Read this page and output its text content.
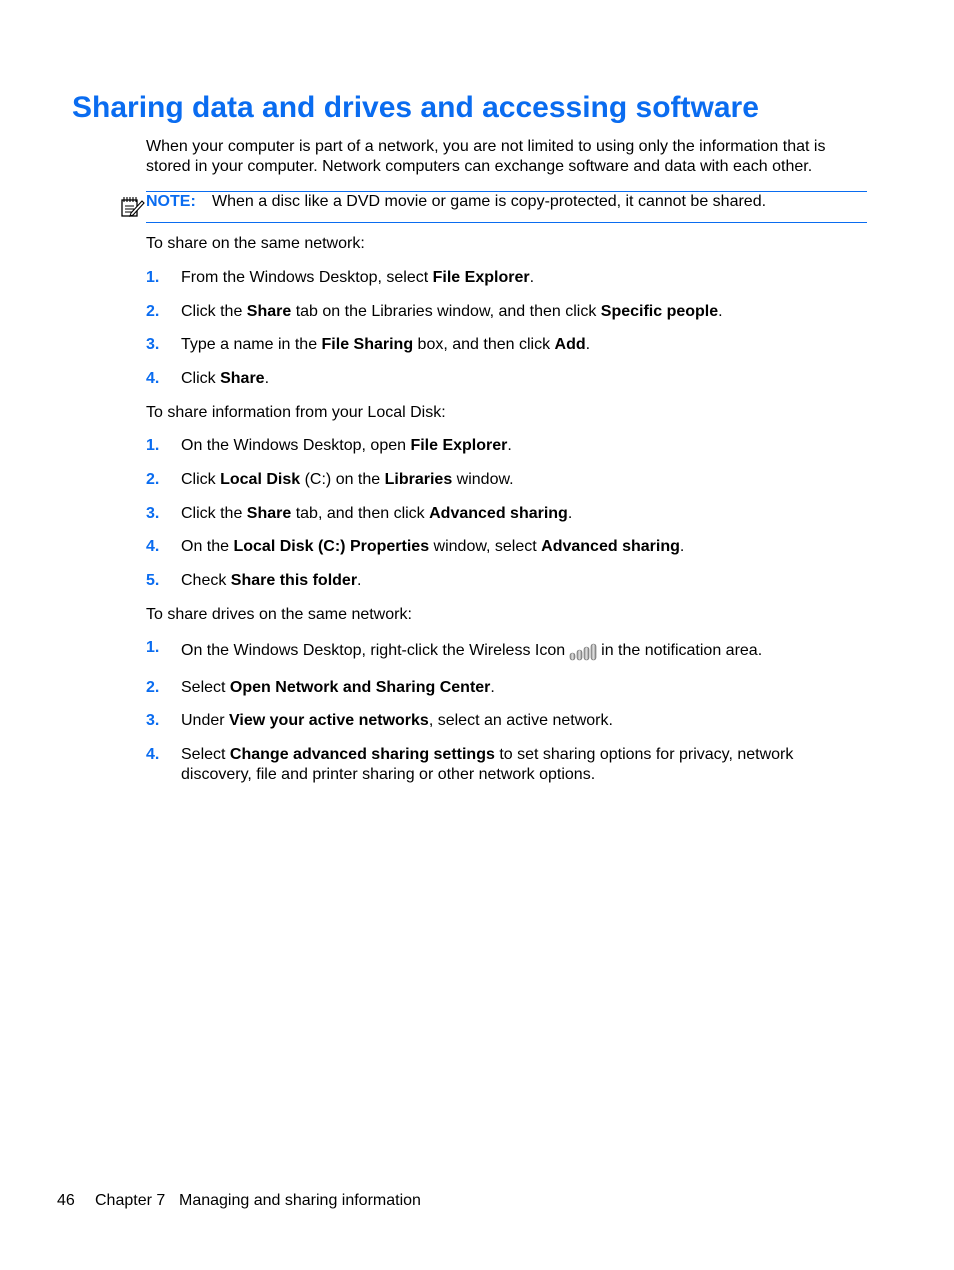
Sharing data and drives and accessing software

When your computer is part of a network, you are not limited to using only the information that is stored in your computer. Network computers can exchange software and data with each other.

NOTE: When a disc like a DVD movie or game is copy-protected, it cannot be shared.

To share on the same network:

1. From the Windows Desktop, select File Explorer.
2. Click the Share tab on the Libraries window, and then click Specific people.
3. Type a name in the File Sharing box, and then click Add.
4. Click Share.

To share information from your Local Disk:

1. On the Windows Desktop, open File Explorer.
2. Click Local Disk (C:) on the Libraries window.
3. Click the Share tab, and then click Advanced sharing.
4. On the Local Disk (C:) Properties window, select Advanced sharing.
5. Check Share this folder.

To share drives on the same network:

1. On the Windows Desktop, right-click the Wireless Icon in the notification area.
2. Select Open Network and Sharing Center.
3. Under View your active networks, select an active network.
4. Select Change advanced sharing settings to set sharing options for privacy, network discovery, file and printer sharing or other network options.
46 Chapter 7 Managing and sharing information
